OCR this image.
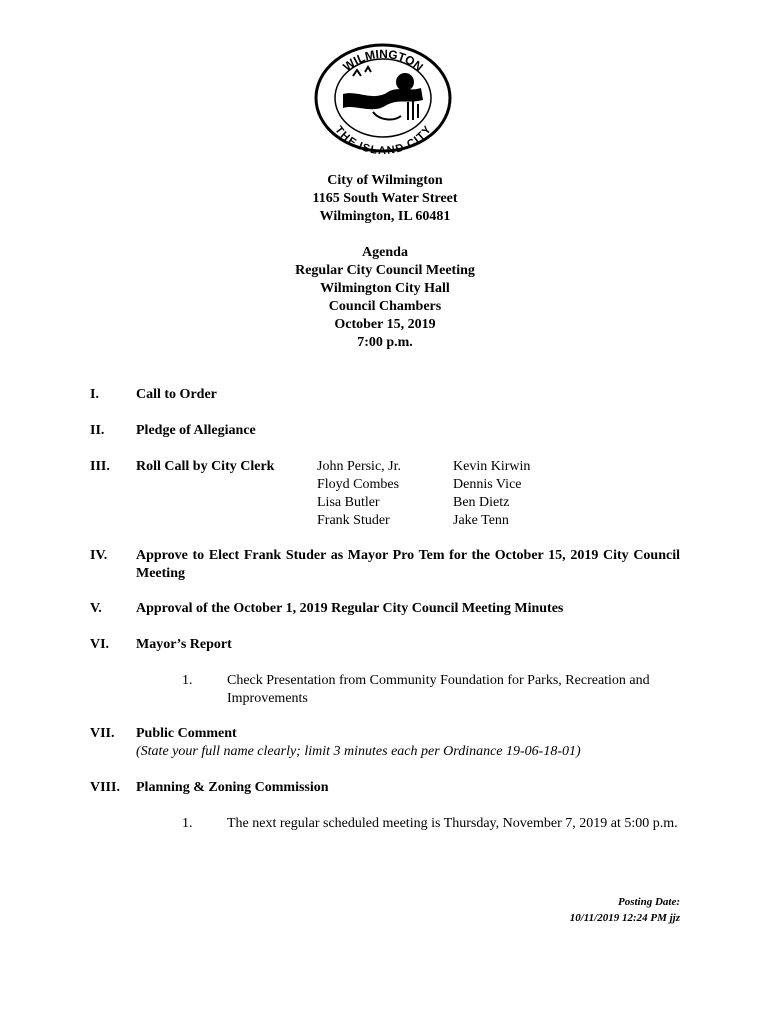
WILMINGTON
THE ISLAND CITY
City of Wilmington
1165 South Water Street
Wilmington, IL 60481
Agenda
Regular City Council Meeting
Wilmington City Hall
Council Chambers
October 15, 2019
7:00 p.m.
I.	Call to Order
II. Pledge of Allegiance
III. Roll Call by City Clerk	John Persic, Jr.
Floyd Combes
Lisa Butler
Frank Studer
Kevin Kirwin
Dennis Vice
Ben Dietz
Jake Tenn
IV. Approve to Elect Frank Studer as Mayor Pro Tem for the October 15, 2019 City Council Meeting
V. Approval of the October 1, 2019 Regular City Council Meeting Minutes
VI. Mayor’s Report
1. Check Presentation from Community Foundation for Parks, Recreation and Improvements
VII. Public Comment
(State your full name clearly; limit 3 minutes each per Ordinance 19-06-18-01)
VIII. Planning & Zoning Commission
1. The next regular scheduled meeting is Thursday, November 7, 2019 at 5:00 p.m.
Posting Date:
10/11/2019 12:24 PM jjz
